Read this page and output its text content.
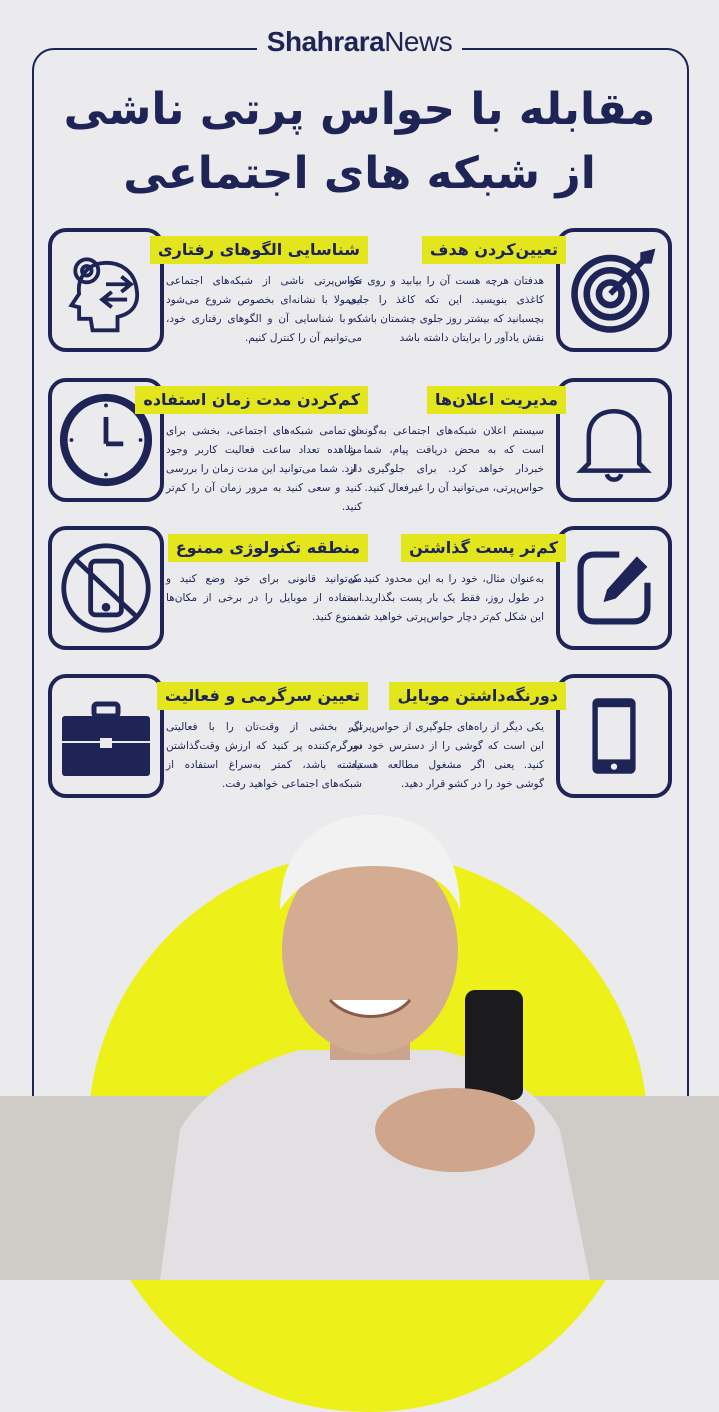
ShahraraNews
مقابله با حواس پرتی ناشی از شبکه های اجتماعی
تعیین‌کردن هدف
هدفتان هرچه هست آن را بیابید و روی تکه کاغذی بنویسید. این تکه کاغذ را جایی بچسبانید که بیشتر روز جلوی چشمتان باشد و نقش یادآور را برایتان داشته باشد
شناسایی الگوهای رفتاری
حواس‌پرتی ناشی از شبکه‌های اجتماعی معمولا با نشانه‌ای بخصوص شروع می‌شود که با شناسایی آن و الگوهای رفتاری خود، می‌توانیم آن را کنترل کنیم.
مدیریت اعلان‌ها
سیستم اعلان شبکه‌های اجتماعی به‌گونه‌ای است که به محض دریافت پیام، شما را خبردار خواهد کرد. برای جلوگیری از حواس‌پرتی، می‌توانید آن را غیرفعال کنید.
کم‌کردن مدت زمان استفاده
در تمامی شبکه‌های اجتماعی، بخشی برای مشاهده تعداد ساعت فعالیت کاربر وجود دارد. شما می‌توانید این مدت زمان را بررسی کنید و سعی کنید به مرور زمان آن را کم‌تر کنید.
کم‌تر پست گذاشتن
به‌عنوان مثال، خود را به این محدود کنید که در طول روز، فقط یک بار پست بگذارید. به این شکل کم‌تر دچار حواس‌پرتی خواهید شد.
منطقه تکنولوژی ممنوع
می‌توانید قانونی برای خود وضع کنید و استفاده از موبایل را در برخی از مکان‌ها ممنوع کنید.
دورنگه‌داشتن موبایل
یکی دیگر از راه‌های جلوگیری از حواس‌پرتی، این است که گوشی را از دسترس خود دور کنید. یعنی اگر مشغول مطالعه هستید، گوشی خود را در کشو قرار دهید.
تعیین سرگرمی و فعالیت
اگر بخشی از وقت‌تان را با فعالیتی سرگرم‌کننده پر کنید که ارزش وقت‌گذاشتن داشته باشد، کمتر به‌سراغ استفاده از شبکه‌های اجتماعی خواهید رفت.
